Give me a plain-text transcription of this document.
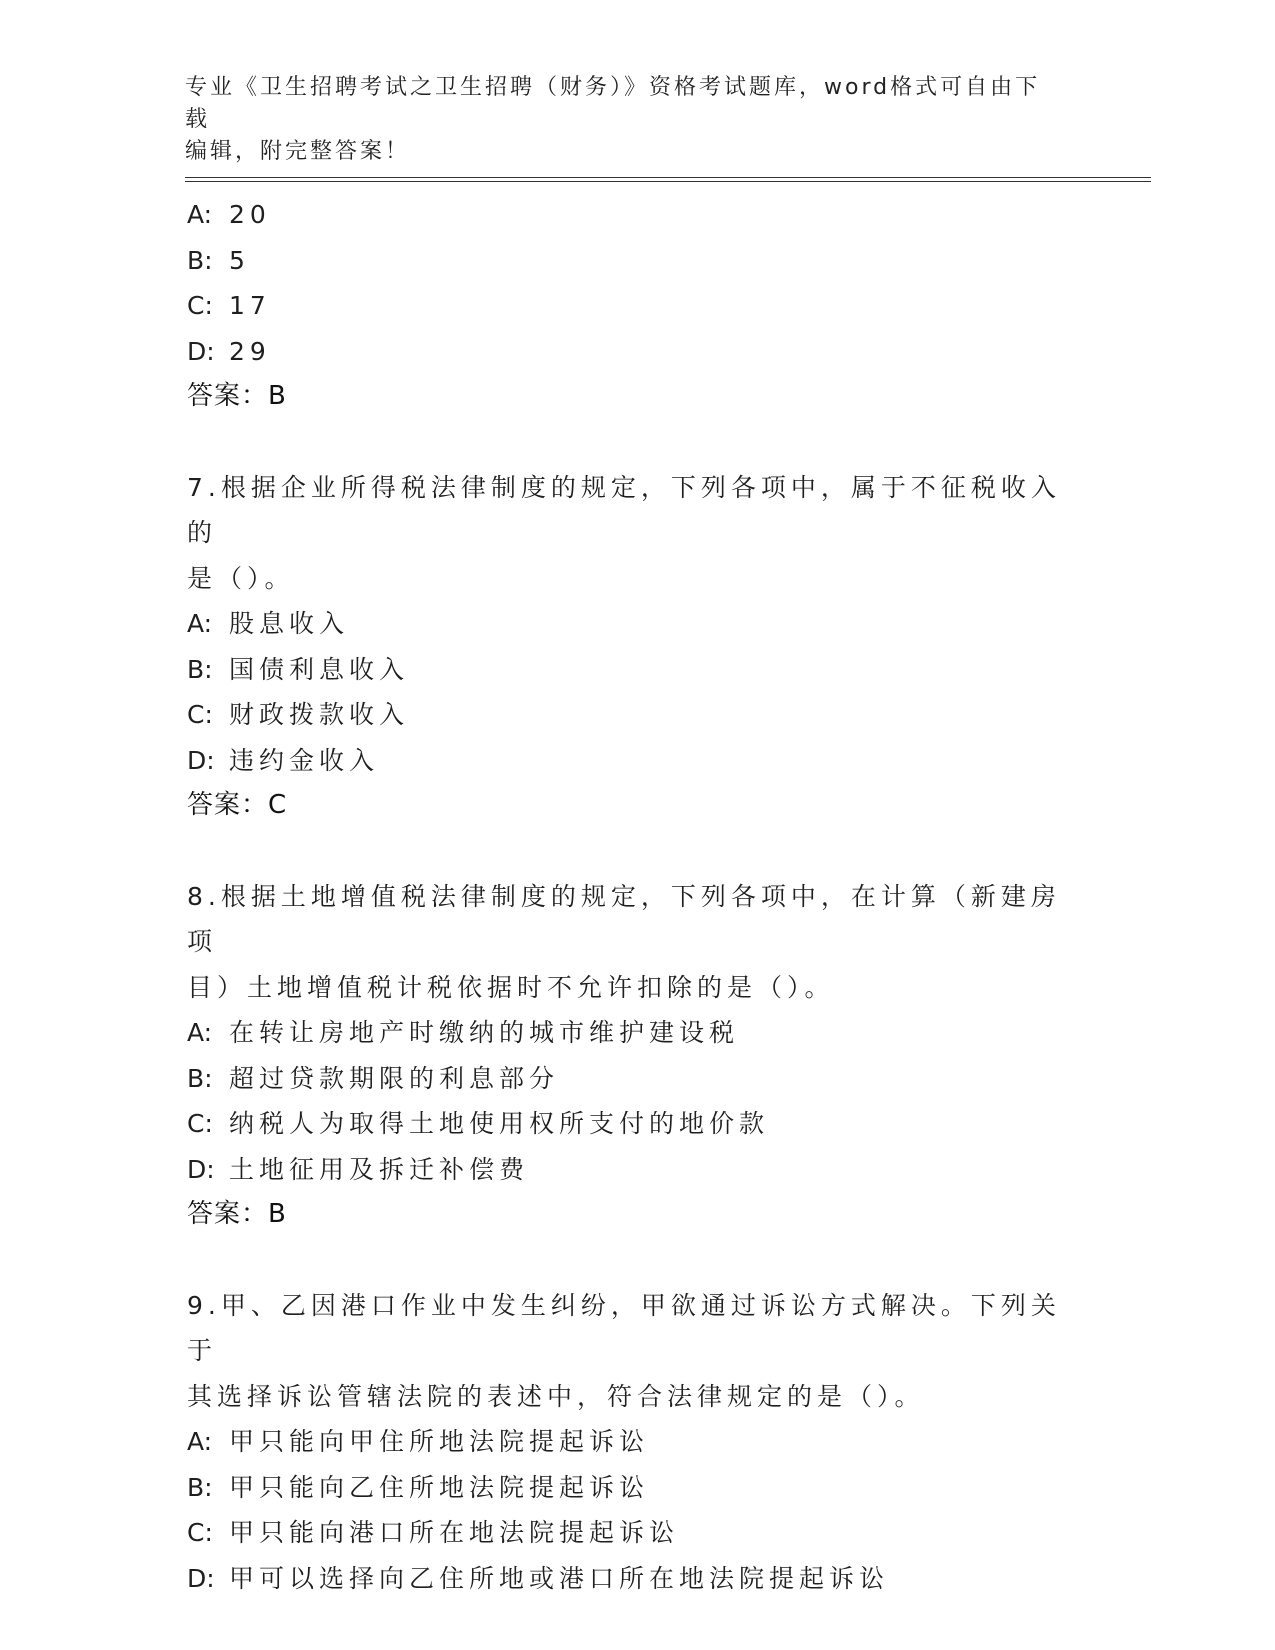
专业《卫生招聘考试之卫生招聘（财务）》资格考试题库，word格式可自由下载
编辑，附完整答案！
A: 20
B: 5
C: 17
D: 29
答案：B
7.根据企业所得税法律制度的规定，下列各项中，属于不征税收入的
是（）。
A: 股息收入
B: 国债利息收入
C: 财政拨款收入
D: 违约金收入
答案：C
8.根据土地增值税法律制度的规定，下列各项中，在计算（新建房项
目）土地增值税计税依据时不允许扣除的是（）。
A: 在转让房地产时缴纳的城市维护建设税
B: 超过贷款期限的利息部分
C: 纳税人为取得土地使用权所支付的地价款
D: 土地征用及拆迁补偿费
答案：B
9.甲、乙因港口作业中发生纠纷，甲欲通过诉讼方式解决。下列关于
其选择诉讼管辖法院的表述中，符合法律规定的是（）。
A: 甲只能向甲住所地法院提起诉讼
B: 甲只能向乙住所地法院提起诉讼
C: 甲只能向港口所在地法院提起诉讼
D: 甲可以选择向乙住所地或港口所在地法院提起诉讼
